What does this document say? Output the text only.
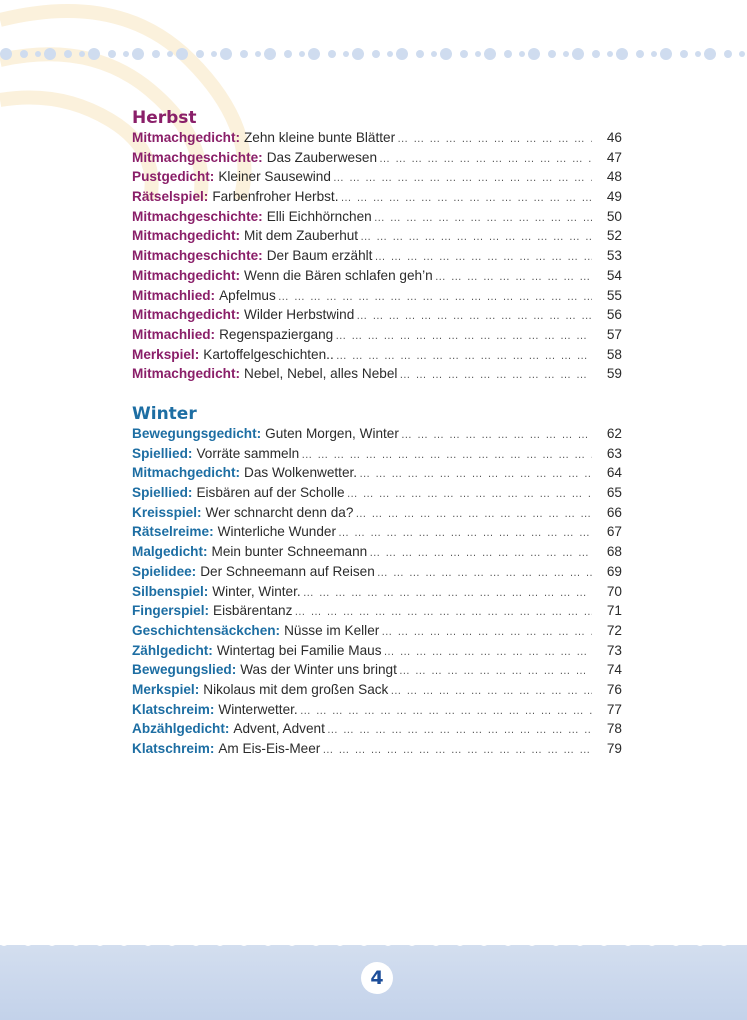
Herbst
Mitmachgedicht: Zehn kleine bunte Blätter … … … … … … … … … … … … … … … … … … … … … … … … … … … … … … … … … … … … …	46
Mitmachgeschichte: Das Zauberwesen … … … … … … … … … … … … … … … … … … … … … … … … … … … … … … … … … … … … …	47
Pustgedicht: Kleiner Sausewind … … … … … … … … … … … … … … … … … … … … … … … … … … … … … … … … … … … … …	48
Rätselspiel: Farbenfroher Herbst. … … … … … … … … … … … … … … … … … … … … … … … … … … … … … … … … … … … … …	49
Mitmachgeschichte: Elli Eichhörnchen … … … … … … … … … … … … … … … … … … … … … … … … … … … … … … … … … … … … …	50
Mitmachgedicht: Mit dem Zauberhut … … … … … … … … … … … … … … … … … … … … … … … … … … … … … … … … … … … … …	52
Mitmachgeschichte: Der Baum erzählt … … … … … … … … … … … … … … … … … … … … … … … … … … … … … … … … … … … … …	53
Mitmachgedicht: Wenn die Bären schlafen geh’n … … … … … … … … … … … … … … … … … … … … … … … … … … … … … … … … … … … … …	54
Mitmachlied: Apfelmus … … … … … … … … … … … … … … … … … … … … … … … … … … … … … … … … … … … … …	55
Mitmachgedicht: Wilder Herbstwind … … … … … … … … … … … … … … … … … … … … … … … … … … … … … … … … … … … … …	56
Mitmachlied: Regenspaziergang … … … … … … … … … … … … … … … … … … … … … … … … … … … … … … … … … … … … …	57
Merkspiel: Kartoffelgeschichten.. … … … … … … … … … … … … … … … … … … … … … … … … … … … … … … … … … … … … …	58
Mitmachgedicht: Nebel, Nebel, alles Nebel … … … … … … … … … … … … … … … … … … … … … … … … … … … … … … … … … … … … …	59
Winter
Bewegungsgedicht: Guten Morgen, Winter … … … … … … … … … … … … … … … … … … … … … … … … … … … … … … … … … … … … …	62
Spiellied: Vorräte sammeln … … … … … … … … … … … … … … … … … … … … … … … … … … … … … … … … … … … … …	63
Mitmachgedicht: Das Wolkenwetter. … … … … … … … … … … … … … … … … … … … … … … … … … … … … … … … … … … … … …	64
Spiellied: Eisbären auf der Scholle … … … … … … … … … … … … … … … … … … … … … … … … … … … … … … … … … … … … …	65
Kreisspiel: Wer schnarcht denn da? … … … … … … … … … … … … … … … … … … … … … … … … … … … … … … … … … … … … …	66
Rätselreime: Winterliche Wunder … … … … … … … … … … … … … … … … … … … … … … … … … … … … … … … … … … … … …	67
Malgedicht: Mein bunter Schneemann … … … … … … … … … … … … … … … … … … … … … … … … … … … … … … … … … … … … …	68
Spielidee: Der Schneemann auf Reisen … … … … … … … … … … … … … … … … … … … … … … … … … … … … … … … … … … … … …	69
Silbenspiel: Winter, Winter. … … … … … … … … … … … … … … … … … … … … … … … … … … … … … … … … … … … … …	70
Fingerspiel: Eisbärentanz … … … … … … … … … … … … … … … … … … … … … … … … … … … … … … … … … … … … …	71
Geschichtensäckchen: Nüsse im Keller … … … … … … … … … … … … … … … … … … … … … … … … … … … … … … … … … … … … …	72
Zählgedicht: Wintertag bei Familie Maus … … … … … … … … … … … … … … … … … … … … … … … … … … … … … … … … … … … … …	73
Bewegungslied: Was der Winter uns bringt … … … … … … … … … … … … … … … … … … … … … … … … … … … … … … … … … … … … …	74
Merkspiel: Nikolaus mit dem großen Sack … … … … … … … … … … … … … … … … … … … … … … … … … … … … … … … … … … … … …	76
Klatschreim: Winterwetter. … … … … … … … … … … … … … … … … … … … … … … … … … … … … … … … … … … … … …	77
Abzählgedicht: Advent, Advent … … … … … … … … … … … … … … … … … … … … … … … … … … … … … … … … … … … … …	78
Klatschreim: Am Eis-Eis-Meer … … … … … … … … … … … … … … … … … … … … … … … … … … … … … … … … … … … … …	79
4
